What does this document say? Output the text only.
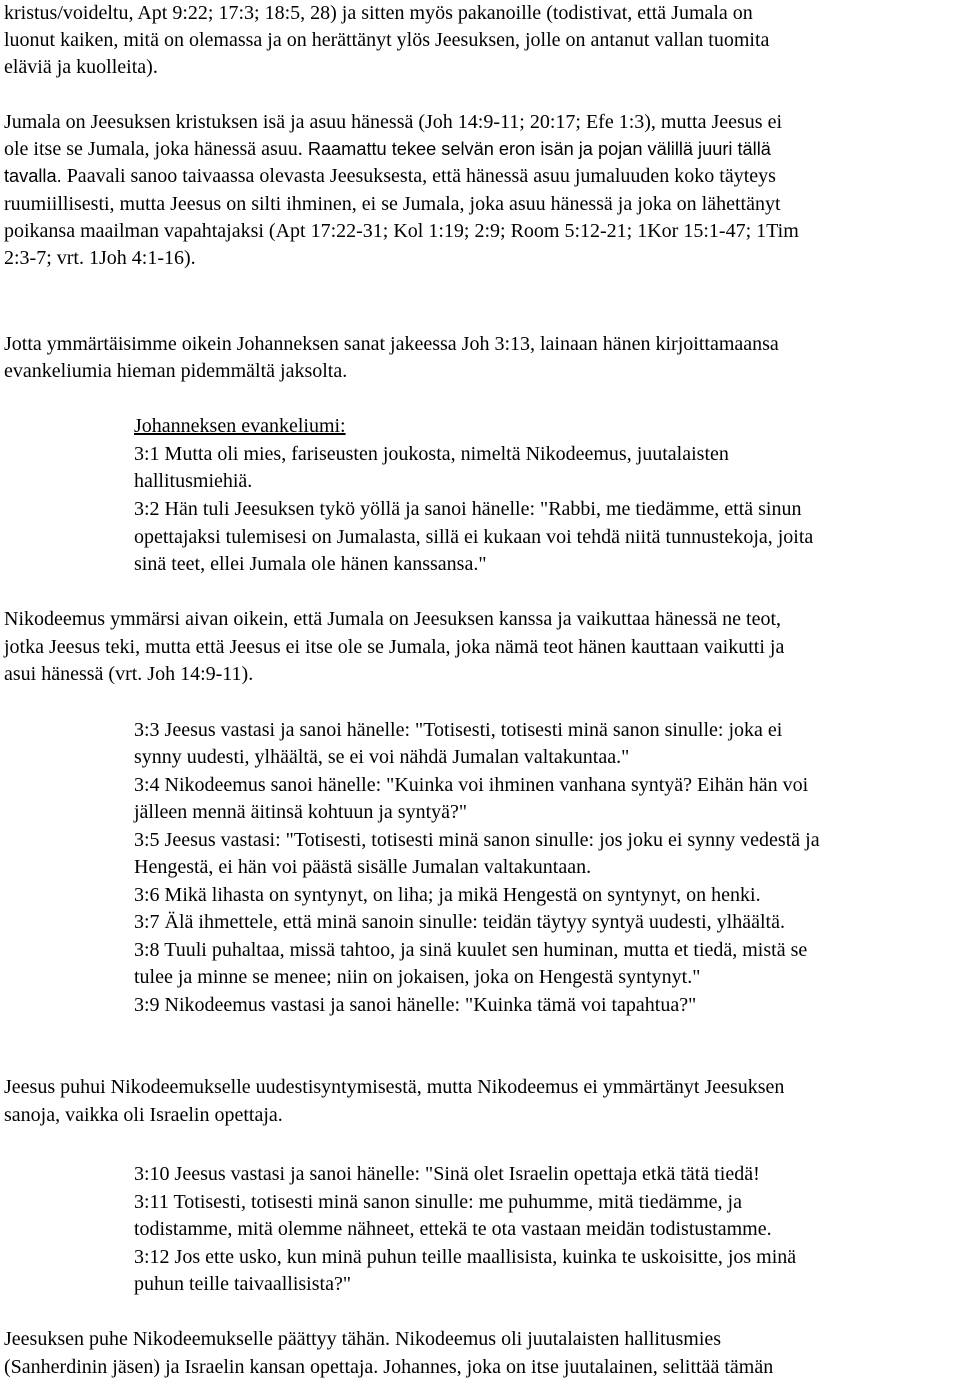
kristus/voideltu, Apt 9:22; 17:3; 18:5, 28) ja sitten myös pakanoille (todistivat, että Jumala on
luonut kaiken, mitä on olemassa ja on herättänyt ylös Jeesuksen, jolle on antanut vallan tuomita
eläviä ja kuolleita).
Jumala on Jeesuksen kristuksen isä ja asuu hänessä (Joh 14:9-11; 20:17; Efe 1:3), mutta Jeesus ei
ole itse se Jumala, joka hänessä asuu. Raamattu tekee selvän eron isän ja pojan välillä juuri tällä
tavalla. Paavali sanoo taivaassa olevasta Jeesuksesta, että hänessä asuu jumaluuden koko täyteys
ruumiillisesti, mutta Jeesus on silti ihminen, ei se Jumala, joka asuu hänessä ja joka on lähettänyt
poikansa maailman vapahtajaksi (Apt 17:22-31; Kol 1:19; 2:9; Room 5:12-21; 1Kor 15:1-47; 1Tim
2:3-7; vrt. 1Joh 4:1-16).
Jotta ymmärtäisimme oikein Johanneksen sanat jakeessa Joh 3:13, lainaan hänen kirjoittamaansa
evankeliumia hieman pidemmältä jaksolta.
Johanneksen evankeliumi:
3:1 Mutta oli mies, fariseusten joukosta, nimeltä Nikodeemus, juutalaisten
hallitusmiehiä.
3:2 Hän tuli Jeesuksen tykö yöllä ja sanoi hänelle: "Rabbi, me tiedämme, että sinun
opettajaksi tulemisesi on Jumalasta, sillä ei kukaan voi tehdä niitä tunnustekoja, joita
sinä teet, ellei Jumala ole hänen kanssansa."
Nikodeemus ymmärsi aivan oikein, että Jumala on Jeesuksen kanssa ja vaikuttaa hänessä ne teot,
jotka Jeesus teki, mutta että Jeesus ei itse ole se Jumala, joka nämä teot hänen kauttaan vaikutti ja
asui hänessä (vrt. Joh 14:9-11).
3:3 Jeesus vastasi ja sanoi hänelle: "Totisesti, totisesti minä sanon sinulle: joka ei
synny uudesti, ylhäältä, se ei voi nähdä Jumalan valtakuntaa."
3:4 Nikodeemus sanoi hänelle: "Kuinka voi ihminen vanhana syntyä? Eihän hän voi
jälleen mennä äitinsä kohtuun ja syntyä?"
3:5 Jeesus vastasi: "Totisesti, totisesti minä sanon sinulle: jos joku ei synny vedestä ja
Hengestä, ei hän voi päästä sisälle Jumalan valtakuntaan.
3:6 Mikä lihasta on syntynyt, on liha; ja mikä Hengestä on syntynyt, on henki.
3:7 Älä ihmettele, että minä sanoin sinulle: teidän täytyy syntyä uudesti, ylhäältä.
3:8 Tuuli puhaltaa, missä tahtoo, ja sinä kuulet sen huminan, mutta et tiedä, mistä se
tulee ja minne se menee; niin on jokaisen, joka on Hengestä syntynyt."
3:9 Nikodeemus vastasi ja sanoi hänelle: "Kuinka tämä voi tapahtua?"
Jeesus puhui Nikodeemukselle uudestisyntymisestä, mutta Nikodeemus ei ymmärtänyt Jeesuksen
sanoja, vaikka oli Israelin opettaja.
3:10 Jeesus vastasi ja sanoi hänelle: "Sinä olet Israelin opettaja etkä tätä tiedä!
3:11 Totisesti, totisesti minä sanon sinulle: me puhumme, mitä tiedämme, ja
todistamme, mitä olemme nähneet, ettekä te ota vastaan meidän todistustamme.
3:12 Jos ette usko, kun minä puhun teille maallisista, kuinka te uskoisitte, jos minä
puhun teille taivaallisista?"
Jeesuksen puhe Nikodeemukselle päättyy tähän. Nikodeemus oli juutalaisten hallitusmies
(Sanherdinin jäsen) ja Israelin kansan opettaja. Johannes, joka on itse juutalainen, selittää tämän
